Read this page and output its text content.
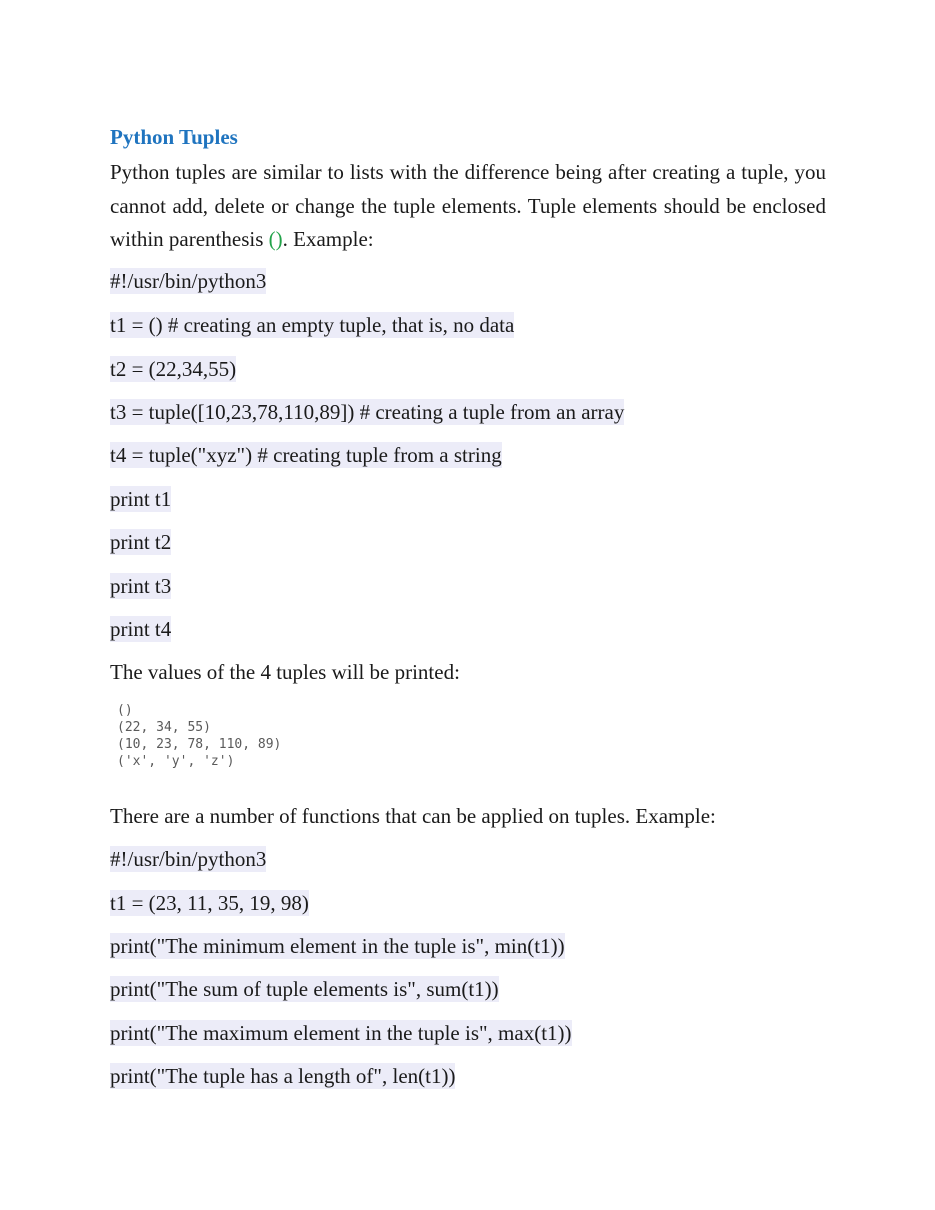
Python Tuples

Python tuples are similar to lists with the difference being after creating a tuple, you cannot add, delete or change the tuple elements. Tuple elements should be enclosed within parenthesis (). Example:

#!/usr/bin/python3
t1 = () # creating an empty tuple, that is, no data
t2 = (22,34,55)
t3 = tuple([10,23,78,110,89]) # creating a tuple from an array
t4 = tuple("xyz") # creating tuple from a string
print t1
print t2
print t3
print t4
The values of the 4 tuples will be printed:
()
(22, 34, 55)
(10, 23, 78, 110, 89)
('x', 'y', 'z')
There are a number of functions that can be applied on tuples. Example:
#!/usr/bin/python3
t1 = (23, 11, 35, 19, 98)
print("The minimum element in the tuple is", min(t1))
print("The sum of tuple elements is", sum(t1))
print("The maximum element in the tuple is", max(t1))
print("The tuple has a length of", len(t1))
